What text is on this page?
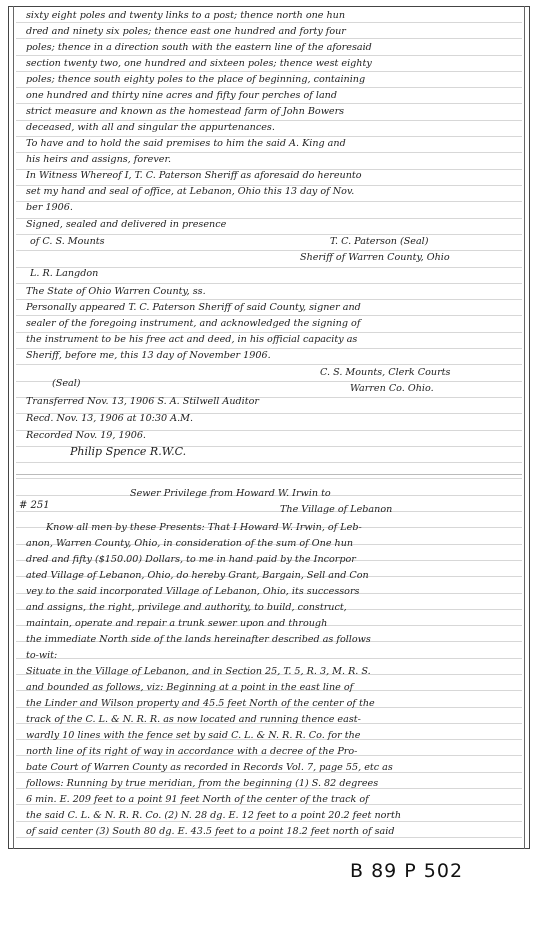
sixty eight poles and twenty links to a post; thence north one hun
dred and ninety six poles; thence east one hundred and forty four
poles; thence in a direction south with the eastern line of the aforesaid
section twenty two, one hundred and sixteen poles; thence west eighty
poles; thence south eighty poles to the place of beginning, containing
one hundred and thirty nine acres and fifty four perches of land
strict measure and known as the homestead farm of John Bowers
deceased, with all and singular the appurtenances.
To have and to hold the said premises to him the said A. King and
his heirs and assigns, forever.
In Witness Whereof I, T. C. Paterson Sheriff as aforesaid do hereunto
set my hand and seal of office, at Lebanon, Ohio this 13 day of Nov.
ber 1906.
Signed, sealed and delivered in presence
of C. S. Mounts	T. C. Paterson (Seal)
Sheriff of Warren County, Ohio
L. R. Langdon
The State of Ohio Warren County, ss.
Personally appeared T. C. Paterson Sheriff of said County, signer and
sealer of the foregoing instrument, and acknowledged the signing of
the instrument to be his free act and deed, in his official capacity as
Sheriff, before me, this 13 day of November 1906.
C. S. Mounts, Clerk Courts
(Seal)	Warren Co. Ohio.
Transferred Nov. 13, 1906 S. A. Stilwell Auditor
Recd. Nov. 13, 1906 at 10:30 A.M.
Recorded Nov. 19, 1906.
Philip Spence R.W.C.
Sewer Privilege from Howard W. Irwin to
# 251	The Village of Lebanon
Know all men by these Presents: That I Howard W. Irwin, of Leb-
anon, Warren County, Ohio, in consideration of the sum of One hun
dred and fifty ($150.00) Dollars, to me in hand paid by the Incorpor
ated Village of Lebanon, Ohio, do hereby Grant, Bargain, Sell and Con
vey to the said incorporated Village of Lebanon, Ohio, its successors
and assigns, the right, privilege and authority, to build, construct,
maintain, operate and repair a trunk sewer upon and through
the immediate North side of the lands hereinafter described as follows
to-wit:
Situate in the Village of Lebanon, and in Section 25, T. 5, R. 3, M. R. S.
and bounded as follows, viz: Beginning at a point in the east line of
the Linder and Wilson property and 45.5 feet North of the center of the
track of the C. L. & N. R. R. as now located and running thence east-
wardly 10 lines with the fence set by said C. L. & N. R. R. Co. for the
north line of its right of way in accordance with a decree of the Pro-
bate Court of Warren County as recorded in Records Vol. 7, page 55, etc as
follows: Running by true meridian, from the beginning (1) S. 82 degrees
6 min. E. 209 feet to a point 91 feet North of the center of the track of
the said C. L. & N. R. R. Co. (2) N. 28 dg. E. 12 feet to a point 20.2 feet north
of said center (3) South 80 dg. E. 43.5 feet to a point 18.2 feet north of said
B 89 P 502
